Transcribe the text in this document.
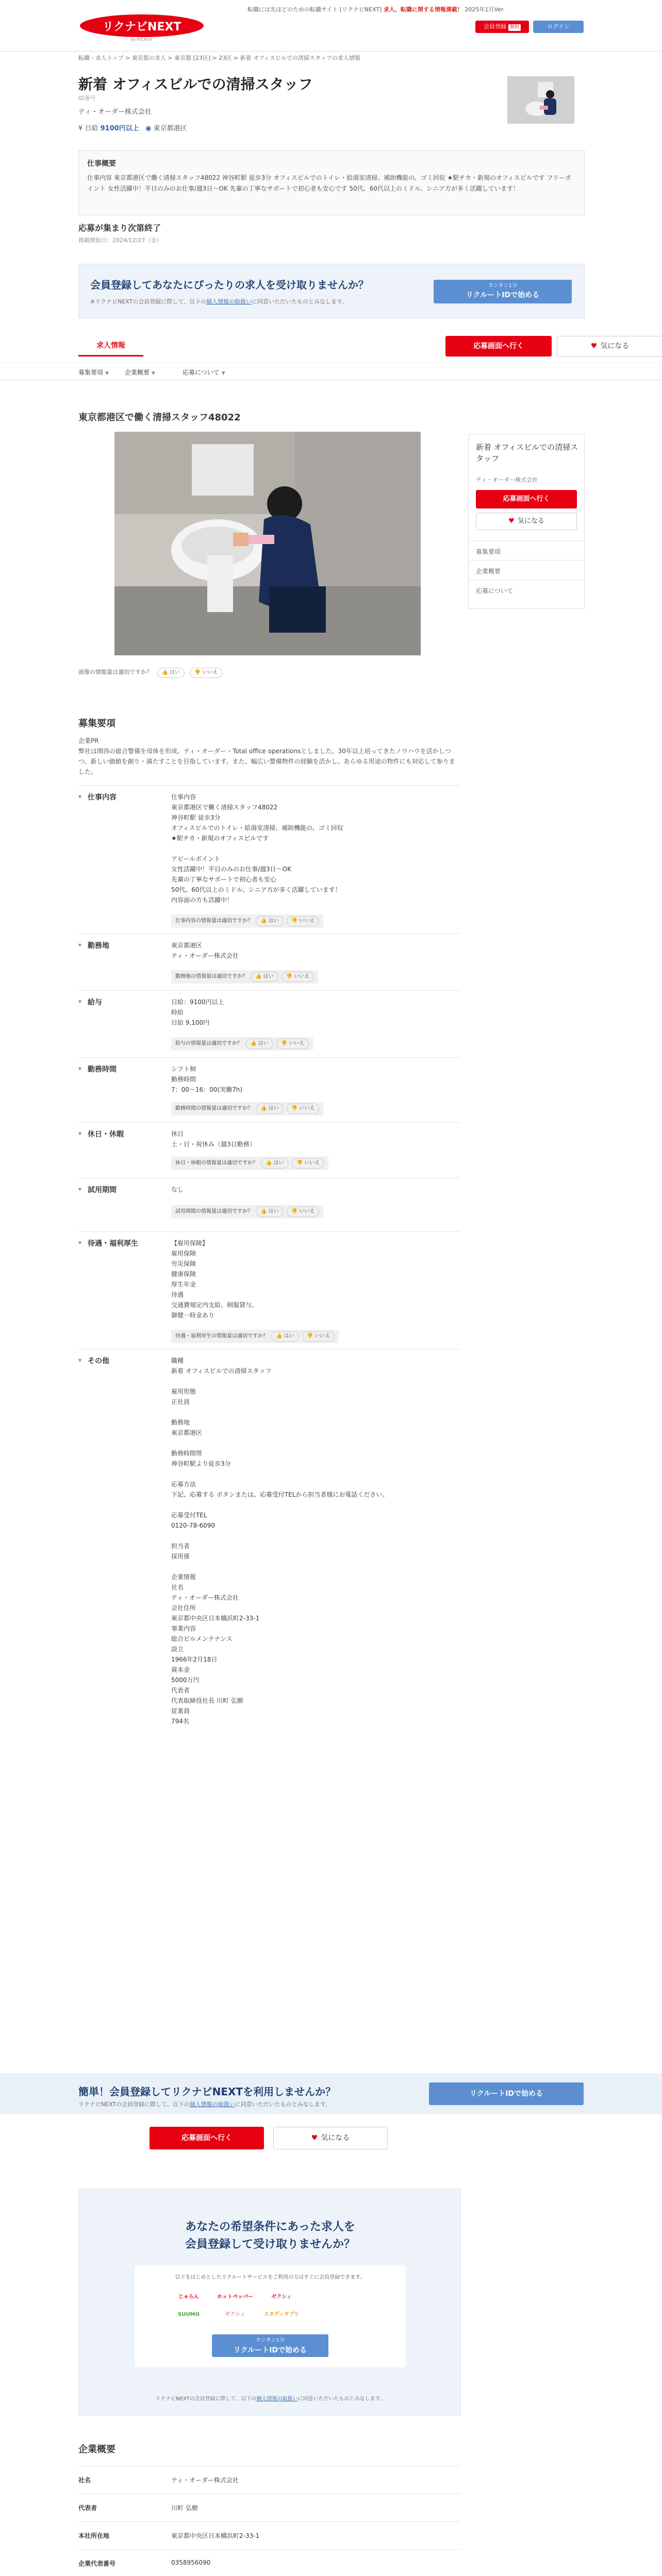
リクナビNEXT
by RECRUIT
転職には先ほどのための転職サイト [リクナビNEXT] 求人、転職に関する情報満載！ 2025年1月Ver.
会員登録 無料	ログイン
転職・求人トップ > 東京都の求人 > 東京都 [23区] > 23区 > 新着 オフィスビルでの清掃スタッフの求人情報
新着 オフィスビルでの清掃スタッフ
ID番号
ティ・オーダー株式会社
¥ 日給 9100円以上 ◉ 東京都港区
仕事概要
仕事内容 東京都港区で働く清掃スタッフ48022 神谷町駅 徒歩3分 オフィスビルでのトイレ・給湯室清掃、補助機能の、ゴミ回収 ★駅チカ・新規のオフィスビルです フリーポイント 女性活躍中！平日のみのお仕事/週3日〜OK 先輩の丁寧なサポートで初心者も安心です 50代、60代以上のミドル、シニア方が多く活躍しています！
応募が集まり次第終了
掲載開始日：2024/12/27（金）
会員登録してあなたにぴったりの求人を受け取りませんか？
※リクナビNEXTの会員登録に際して、以下の個人情報の取扱いに同意いただいたものとみなします。
カンタン1分
リクルートIDで始める
求人情報	応募画面へ行く	♥ 気になる
募集要項 ▼	企業概要 ▼	応募について ▼
東京都港区で働く清掃スタッフ48022
画像の情報量は適切ですか？ 👍 はい	👎 いいえ
新着 オフィスビルでの清掃スタッフ
ティ・オーダー株式会社
応募画面へ行く
♥ 気になる
募集要項
企業概要
応募について
募集要項
企業PR
弊社は関西の総合警備を母体を形成、ティ・オーダー・Total office operationsとしました。30年以上培ってきたノウハウを活かしつつ、新しい価値を創り・満たすことを目指しています。また、幅広い警備物件の経験を活かし、あらゆる用途の物件にも対応して参りました。
▾ 仕事内容	仕事内容
東京都港区で働く清掃スタッフ48022
神谷町駅 徒歩3分
オフィスビルでのトイレ・給湯室清掃、補助機能の、ゴミ回収
★駅チカ・新規のオフィスビルです

アピールポイント
女性活躍中！平日のみのお仕事/週3日〜OK
先輩の丁寧なサポートで初心者も安心
50代、60代以上のミドル、シニア方が多く活躍しています！
内容面の方も活躍中！
仕事内容の情報量は適切ですか？ 👍 はい 👎 いいえ
▾ 勤務地	東京都港区
ティ・オーダー株式会社
勤務地の情報量は適切ですか？ 👍 はい 👎 いいえ
▾ 給与	日給：9100円以上
時給
日給 9,100円
給与の情報量は適切ですか？ 👍 はい 👎 いいえ
▾ 勤務時間	シフト制
勤務時間
7：00〜16：00(実働7h)
勤務時間の情報量は適切ですか？ 👍 はい 👎 いいえ
▾ 休日・休暇	休日
土・日・祝休み（週3日勤務）
休日・休暇の情報量は適切ですか？ 👍 はい 👎 いいえ
▾ 試用期間	なし
試用期間の情報量は適切ですか？ 👍 はい 👎 いいえ
▾ 待遇・福利厚生	【雇用保険】
雇用保険
労災保険
健康保険
厚生年金
待遇
交通費規定内支給、制服貸与、
御健一時金あり
待遇・福利厚生の情報量は適切ですか？ 👍 はい 👎 いいえ
▾ その他	職種
新着 オフィスビルでの清掃スタッフ

雇用形態
正社員

勤務地
東京都港区

勤務時間帯
神谷町駅より徒歩3分

応募方法
下記、応募する ボタンまたは、応募受付TELから担当者様にお電話ください。

応募受付TEL
0120-78-6090

担当者
採用係

企業情報
社名
ティ・オーダー株式会社
会社住所
東京都中央区日本橋浜町2-33-1
事業内容
総合ビルメンテナンス
設立
1966年2月18日
資本金
5000万円
代表者
代表取締役社長 川町 弘樹
従業員
794名
簡単！会員登録してリクナビNEXTを利用しませんか？
リクナビNEXTの会員登録に際して、以下の個人情報の取扱いに同意いただいたものとみなします。
リクルートIDで始める
応募画面へ行く	♥ 気になる
あなたの希望条件にあった求人を
会員登録して受け取りませんか？
以下をはじめとしたリクルートサービスをご利用の方はすぐに会員登録できます。
じゃらん	ホットペッパー	ゼクシィ
SUUMO	ゼクシィ	スタディサプリ
カンタン1分
リクルートIDで始める
リクナビNEXTの会員登録に際して、以下の個人情報の取扱いに同意いただいたものとみなします。
企業概要
社名	ティ・オーダー株式会社
代表者	川町 弘樹
本社所在地	東京都中央区日本橋浜町2-33-1
企業代表番号	0358956090
